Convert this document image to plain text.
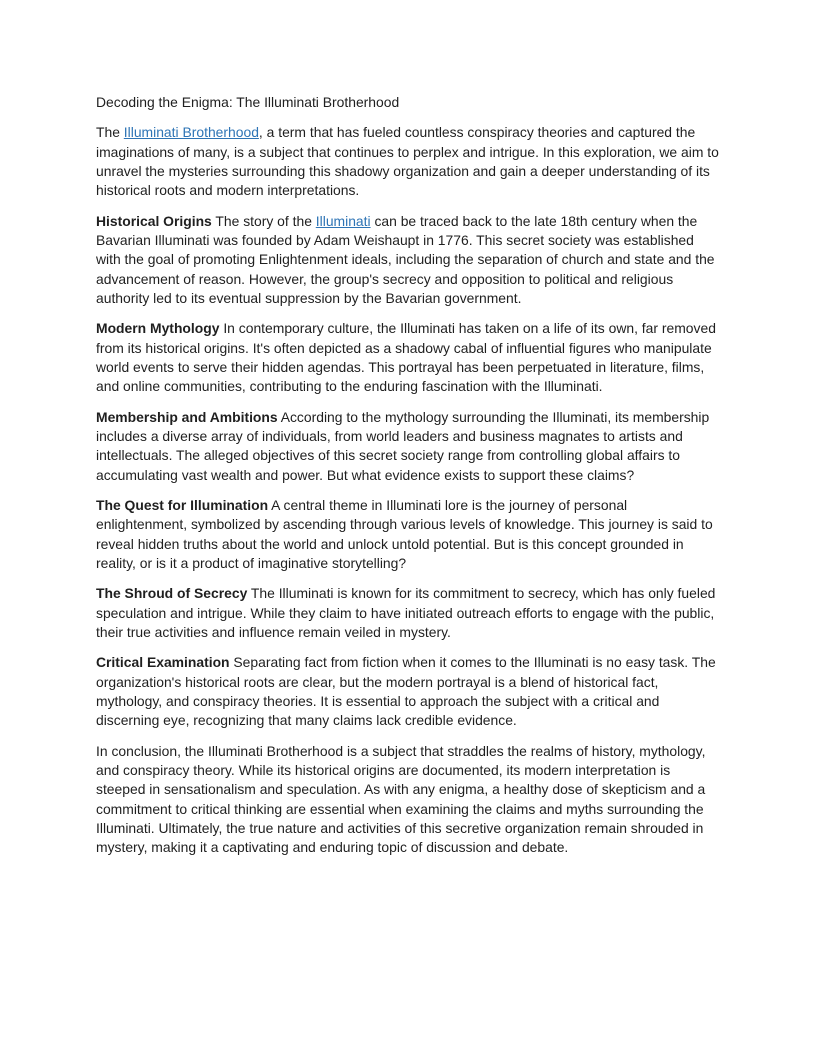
Decoding the Enigma: The Illuminati Brotherhood

The Illuminati Brotherhood, a term that has fueled countless conspiracy theories and captured the imaginations of many, is a subject that continues to perplex and intrigue. In this exploration, we aim to unravel the mysteries surrounding this shadowy organization and gain a deeper understanding of its historical roots and modern interpretations.

Historical Origins The story of the Illuminati can be traced back to the late 18th century when the Bavarian Illuminati was founded by Adam Weishaupt in 1776. This secret society was established with the goal of promoting Enlightenment ideals, including the separation of church and state and the advancement of reason. However, the group's secrecy and opposition to political and religious authority led to its eventual suppression by the Bavarian government.

Modern Mythology In contemporary culture, the Illuminati has taken on a life of its own, far removed from its historical origins. It's often depicted as a shadowy cabal of influential figures who manipulate world events to serve their hidden agendas. This portrayal has been perpetuated in literature, films, and online communities, contributing to the enduring fascination with the Illuminati.

Membership and Ambitions According to the mythology surrounding the Illuminati, its membership includes a diverse array of individuals, from world leaders and business magnates to artists and intellectuals. The alleged objectives of this secret society range from controlling global affairs to accumulating vast wealth and power. But what evidence exists to support these claims?

The Quest for Illumination A central theme in Illuminati lore is the journey of personal enlightenment, symbolized by ascending through various levels of knowledge. This journey is said to reveal hidden truths about the world and unlock untold potential. But is this concept grounded in reality, or is it a product of imaginative storytelling?

The Shroud of Secrecy The Illuminati is known for its commitment to secrecy, which has only fueled speculation and intrigue. While they claim to have initiated outreach efforts to engage with the public, their true activities and influence remain veiled in mystery.

Critical Examination Separating fact from fiction when it comes to the Illuminati is no easy task. The organization's historical roots are clear, but the modern portrayal is a blend of historical fact, mythology, and conspiracy theories. It is essential to approach the subject with a critical and discerning eye, recognizing that many claims lack credible evidence.

In conclusion, the Illuminati Brotherhood is a subject that straddles the realms of history, mythology, and conspiracy theory. While its historical origins are documented, its modern interpretation is steeped in sensationalism and speculation. As with any enigma, a healthy dose of skepticism and a commitment to critical thinking are essential when examining the claims and myths surrounding the Illuminati. Ultimately, the true nature and activities of this secretive organization remain shrouded in mystery, making it a captivating and enduring topic of discussion and debate.
